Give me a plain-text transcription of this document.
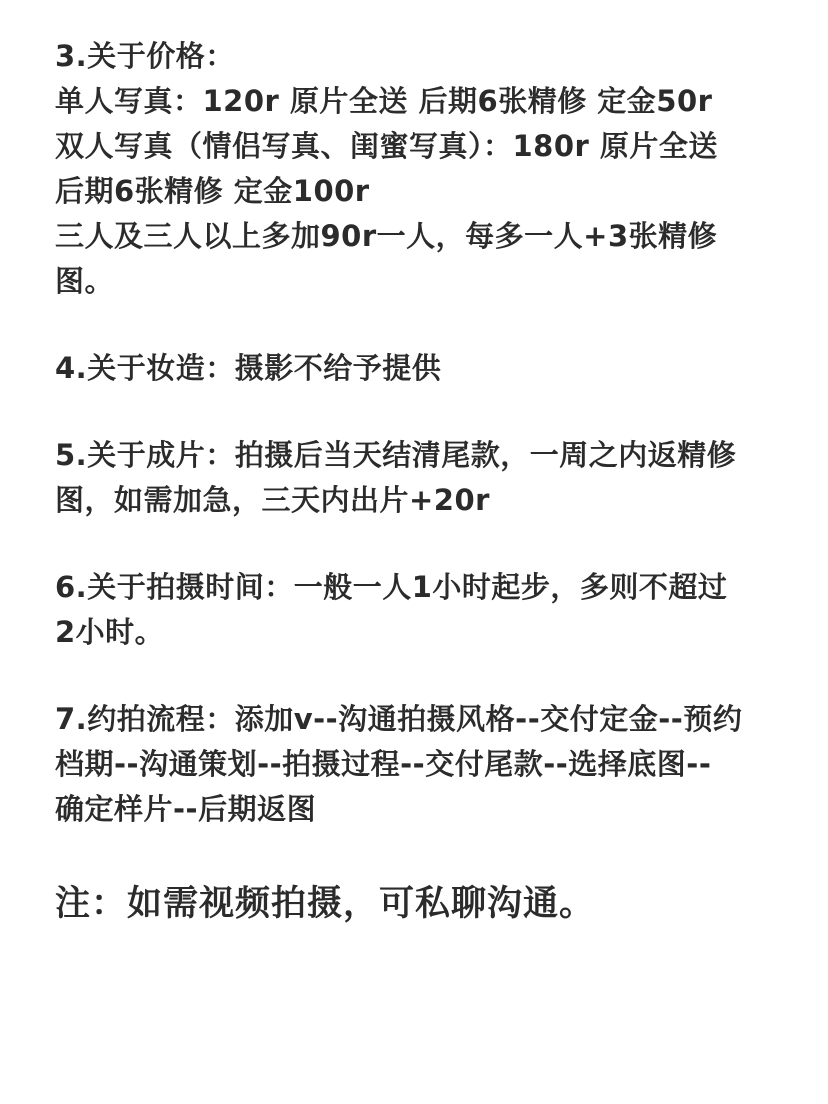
3.关于价格：
单人写真：120r 原片全送 后期6张精修 定金50r
双人写真（情侣写真、闺蜜写真）：180r 原片全送
后期6张精修 定金100r
三人及三人以上多加90r一人，每多一人+3张精修
图。
4.关于妆造：摄影不给予提供
5.关于成片：拍摄后当天结清尾款，一周之内返精修
图，如需加急，三天内出片+20r
6.关于拍摄时间：一般一人1小时起步，多则不超过
2小时。
7.约拍流程：添加v--沟通拍摄风格--交付定金--预约
档期--沟通策划--拍摄过程--交付尾款--选择底图--
确定样片--后期返图
注：如需视频拍摄，可私聊沟通。
